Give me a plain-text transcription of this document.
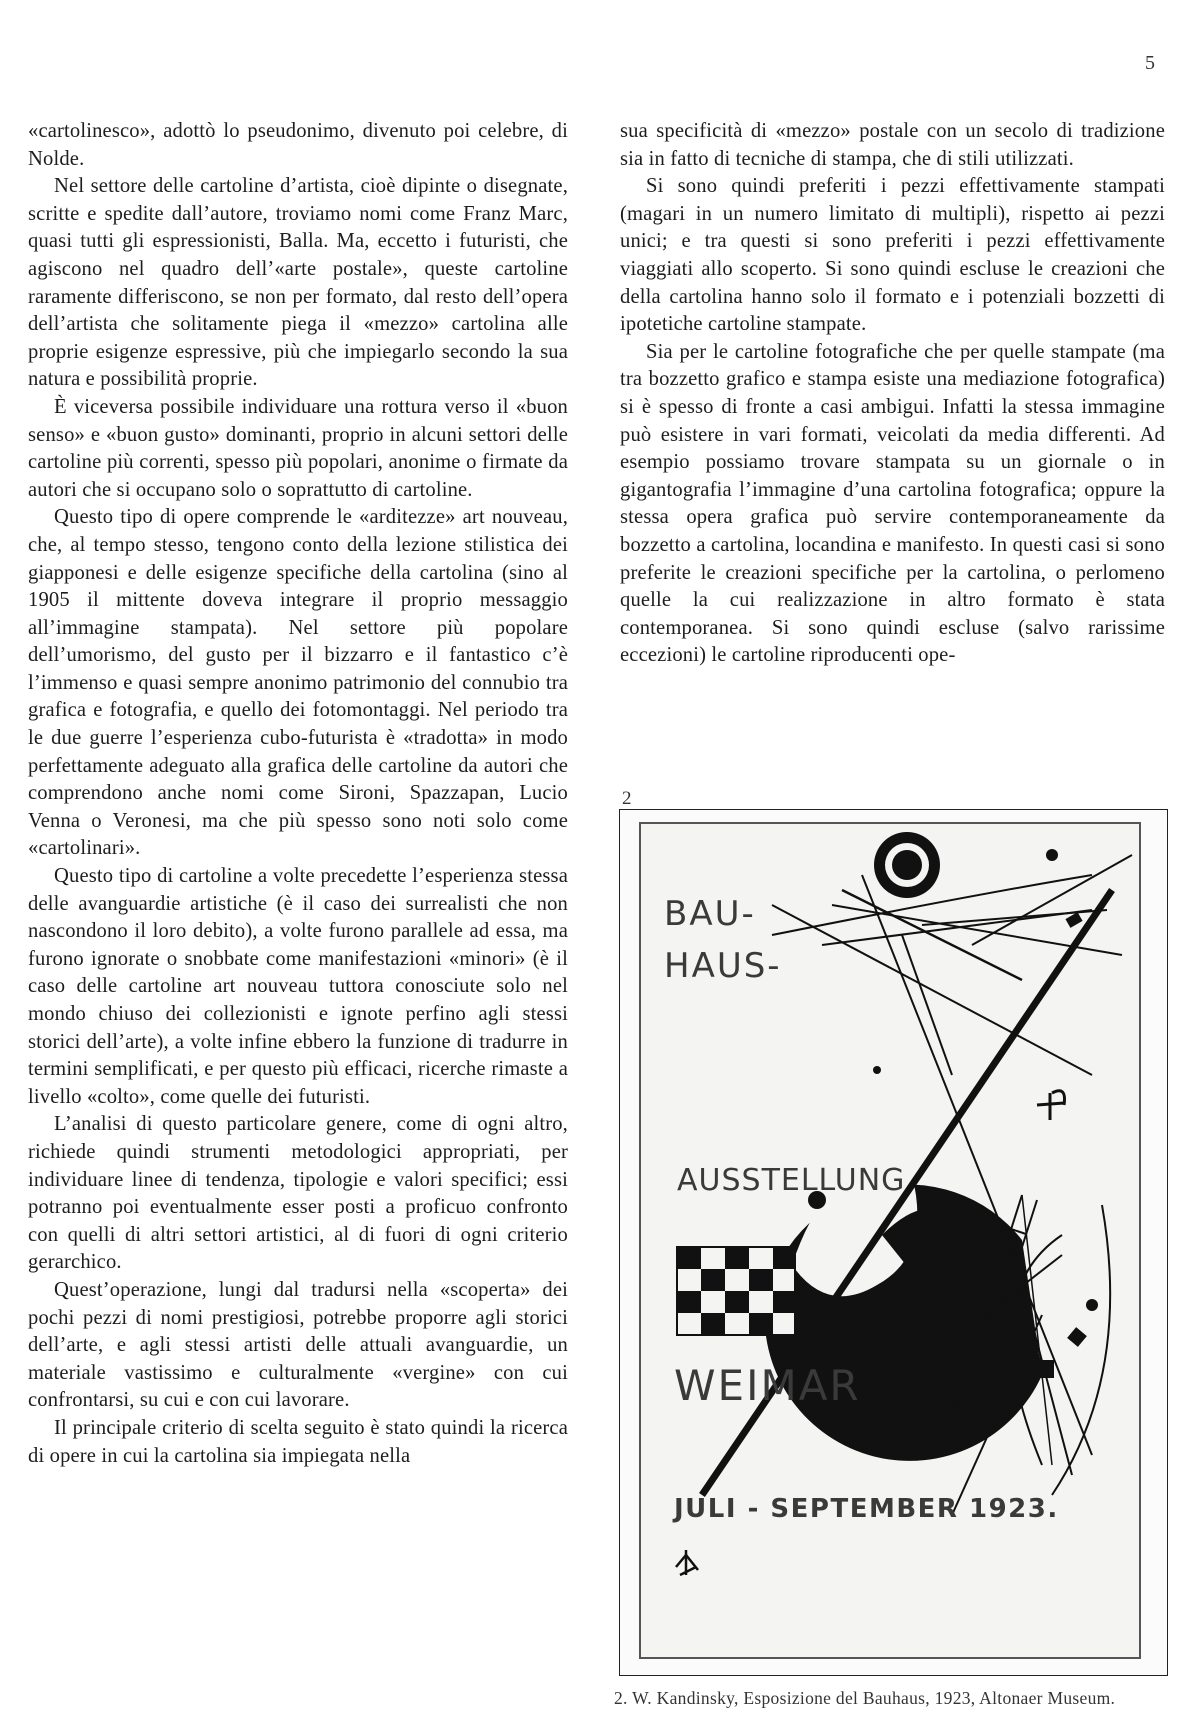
5

«cartolinesco», adottò lo pseudonimo, divenuto poi celebre, di Nolde.

Nel settore delle cartoline d’artista, cioè dipinte o disegnate, scritte e spedite dall’autore, troviamo nomi come Franz Marc, quasi tutti gli espressionisti, Balla. Ma, eccetto i futuristi, che agiscono nel quadro dell’«arte postale», queste cartoline raramente differiscono, se non per formato, dal resto dell’opera dell’artista che solitamente piega il «mezzo» cartolina alle proprie esigenze espressive, più che impiegarlo secondo la sua natura e possibilità proprie.

È viceversa possibile individuare una rottura verso il «buon senso» e «buon gusto» dominanti, proprio in alcuni settori delle cartoline più correnti, spesso più popolari, anonime o firmate da autori che si occupano solo o soprattutto di cartoline.

Questo tipo di opere comprende le «arditezze» art nouveau, che, al tempo stesso, tengono conto della lezione stilistica dei giapponesi e delle esigenze specifiche della cartolina (sino al 1905 il mittente doveva integrare il proprio messaggio all’immagine stampata). Nel settore più popolare dell’umorismo, del gusto per il bizzarro e il fantastico c’è l’immenso e quasi sempre anonimo patrimonio del connubio tra grafica e fotografia, e quello dei fotomontaggi. Nel periodo tra le due guerre l’esperienza cubo-futurista è «tradotta» in modo perfettamente adeguato alla grafica delle cartoline da autori che comprendono anche nomi come Sironi, Spazzapan, Lucio Venna o Veronesi, ma che più spesso sono noti solo come «cartolinari».

Questo tipo di cartoline a volte precedette l’esperienza stessa delle avanguardie artistiche (è il caso dei surrealisti che non nascondono il loro debito), a volte furono parallele ad essa, ma furono ignorate o snobbate come manifestazioni «minori» (è il caso delle cartoline art nouveau tuttora conosciute solo nel mondo chiuso dei collezionisti e ignote perfino agli stessi storici dell’arte), a volte infine ebbero la funzione di tradurre in termini semplificati, e per questo più efficaci, ricerche rimaste a livello «colto», come quelle dei futuristi.

L’analisi di questo particolare genere, come di ogni altro, richiede quindi strumenti metodologici appropriati, per individuare linee di tendenza, tipologie e valori specifici; essi potranno poi eventualmente esser posti a proficuo confronto con quelli di altri settori artistici, al di fuori di ogni criterio gerarchico.

Quest’operazione, lungi dal tradursi nella «scoperta» dei pochi pezzi di nomi prestigiosi, potrebbe proporre agli storici dell’arte, e agli stessi artisti delle attuali avanguardie, un materiale vastissimo e culturalmente «vergine» con cui confrontarsi, su cui e con cui lavorare.

Il principale criterio di scelta seguito è stato quindi la ricerca di opere in cui la cartolina sia impiegata nella

sua specificità di «mezzo» postale con un secolo di tradizione sia in fatto di tecniche di stampa, che di stili utilizzati.

Si sono quindi preferiti i pezzi effettivamente stampati (magari in un numero limitato di multipli), rispetto ai pezzi unici; e tra questi si sono preferiti i pezzi effettivamente viaggiati allo scoperto. Si sono quindi escluse le creazioni che della cartolina hanno solo il formato e i potenziali bozzetti di ipotetiche cartoline stampate.

Sia per le cartoline fotografiche che per quelle stampate (ma tra bozzetto grafico e stampa esiste una mediazione fotografica) si è spesso di fronte a casi ambigui. Infatti la stessa immagine può esistere in vari formati, veicolati da media differenti. Ad esempio possiamo trovare stampata su un giornale o in gigantografia l’immagine d’una cartolina fotografica; oppure la stessa opera grafica può servire contemporaneamente da bozzetto a cartolina, locandina e manifesto. In questi casi si sono preferite le creazioni specifiche per la cartolina, o perlomeno quelle la cui realizzazione in altro formato è stata contemporanea. Si sono quindi escluse (salvo rarissime eccezioni) le cartoline riproducenti ope-

2
BAU-
HAUS-
AUSSTELLUNG
WEIMAR
JULI - SEPTEMBER 1923.
2. W. Kandinsky, Esposizione del Bauhaus, 1923, Altonaer Museum.
